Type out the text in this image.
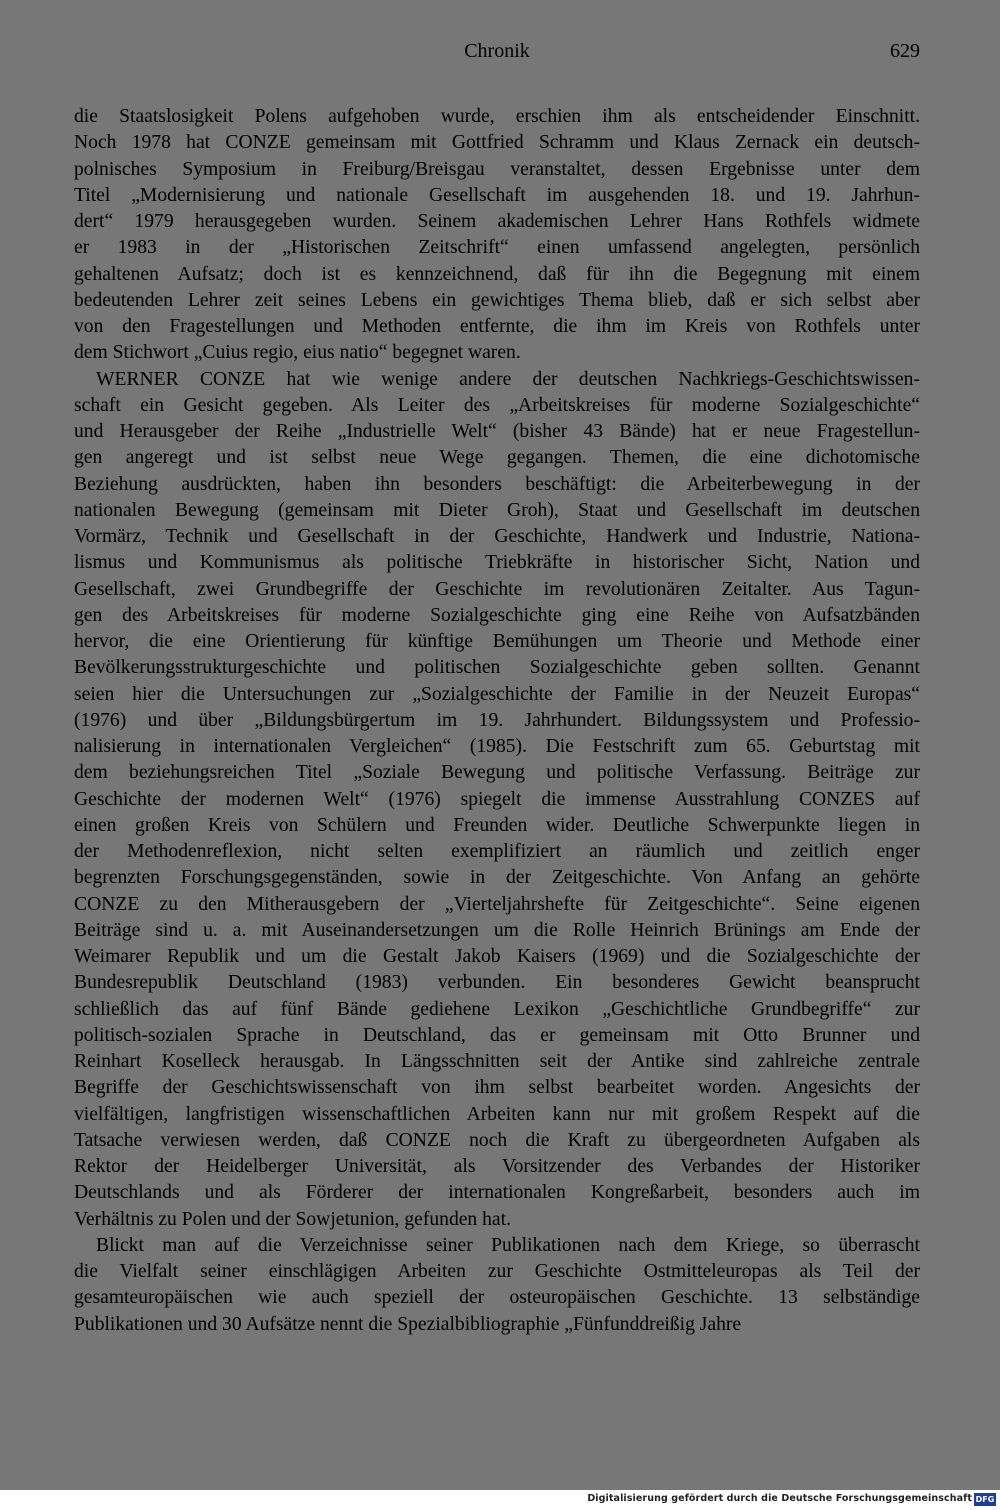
Chronik	629
die Staatslosigkeit Polens aufgehoben wurde, erschien ihm als entscheidender Einschnitt.
Noch 1978 hat CONZE gemeinsam mit Gottfried Schramm und Klaus Zernack ein deutsch-
polnisches Symposium in Freiburg/Breisgau veranstaltet, dessen Ergebnisse unter dem
Titel „Modernisierung und nationale Gesellschaft im ausgehenden 18. und 19. Jahrhun-
dert“ 1979 herausgegeben wurden. Seinem akademischen Lehrer Hans Rothfels widmete
er 1983 in der „Historischen Zeitschrift“ einen umfassend angelegten, persönlich
gehaltenen Aufsatz; doch ist es kennzeichnend, daß für ihn die Begegnung mit einem
bedeutenden Lehrer zeit seines Lebens ein gewichtiges Thema blieb, daß er sich selbst aber
von den Fragestellungen und Methoden entfernte, die ihm im Kreis von Rothfels unter
dem Stichwort „Cuius regio, eius natio“ begegnet waren.
WERNER CONZE hat wie wenige andere der deutschen Nachkriegs-Geschichtswissen-
schaft ein Gesicht gegeben. Als Leiter des „Arbeitskreises für moderne Sozialgeschichte“
und Herausgeber der Reihe „Industrielle Welt“ (bisher 43 Bände) hat er neue Fragestellun-
gen angeregt und ist selbst neue Wege gegangen. Themen, die eine dichotomische
Beziehung ausdrückten, haben ihn besonders beschäftigt: die Arbeiterbewegung in der
nationalen Bewegung (gemeinsam mit Dieter Groh), Staat und Gesellschaft im deutschen
Vormärz, Technik und Gesellschaft in der Geschichte, Handwerk und Industrie, Nationa-
lismus und Kommunismus als politische Triebkräfte in historischer Sicht, Nation und
Gesellschaft, zwei Grundbegriffe der Geschichte im revolutionären Zeitalter. Aus Tagun-
gen des Arbeitskreises für moderne Sozialgeschichte ging eine Reihe von Aufsatzbänden
hervor, die eine Orientierung für künftige Bemühungen um Theorie und Methode einer
Bevölkerungsstrukturgeschichte und politischen Sozialgeschichte geben sollten. Genannt
seien hier die Untersuchungen zur „Sozialgeschichte der Familie in der Neuzeit Europas“
(1976) und über „Bildungsbürgertum im 19. Jahrhundert. Bildungssystem und Professio-
nalisierung in internationalen Vergleichen“ (1985). Die Festschrift zum 65. Geburtstag mit
dem beziehungsreichen Titel „Soziale Bewegung und politische Verfassung. Beiträge zur
Geschichte der modernen Welt“ (1976) spiegelt die immense Ausstrahlung CONZES auf
einen großen Kreis von Schülern und Freunden wider. Deutliche Schwerpunkte liegen in
der Methodenreflexion, nicht selten exemplifiziert an räumlich und zeitlich enger
begrenzten Forschungsgegenständen, sowie in der Zeitgeschichte. Von Anfang an gehörte
CONZE zu den Mitherausgebern der „Vierteljahrshefte für Zeitgeschichte“. Seine eigenen
Beiträge sind u. a. mit Auseinandersetzungen um die Rolle Heinrich Brünings am Ende der
Weimarer Republik und um die Gestalt Jakob Kaisers (1969) und die Sozialgeschichte der
Bundesrepublik Deutschland (1983) verbunden. Ein besonderes Gewicht beansprucht
schließlich das auf fünf Bände gediehene Lexikon „Geschichtliche Grundbegriffe“ zur
politisch-sozialen Sprache in Deutschland, das er gemeinsam mit Otto Brunner und
Reinhart Koselleck herausgab. In Längsschnitten seit der Antike sind zahlreiche zentrale
Begriffe der Geschichtswissenschaft von ihm selbst bearbeitet worden. Angesichts der
vielfältigen, langfristigen wissenschaftlichen Arbeiten kann nur mit großem Respekt auf die
Tatsache verwiesen werden, daß CONZE noch die Kraft zu übergeordneten Aufgaben als
Rektor der Heidelberger Universität, als Vorsitzender des Verbandes der Historiker
Deutschlands und als Förderer der internationalen Kongreßarbeit, besonders auch im
Verhältnis zu Polen und der Sowjetunion, gefunden hat.
Blickt man auf die Verzeichnisse seiner Publikationen nach dem Kriege, so überrascht
die Vielfalt seiner einschlägigen Arbeiten zur Geschichte Ostmitteleuropas als Teil der
gesamteuropäischen wie auch speziell der osteuropäischen Geschichte. 13 selbständige
Publikationen und 30 Aufsätze nennt die Spezialbibliographie „Fünfunddreißig Jahre
Digitalisierung gefördert durch die Deutsche Forschungsgemeinschaft DFG
